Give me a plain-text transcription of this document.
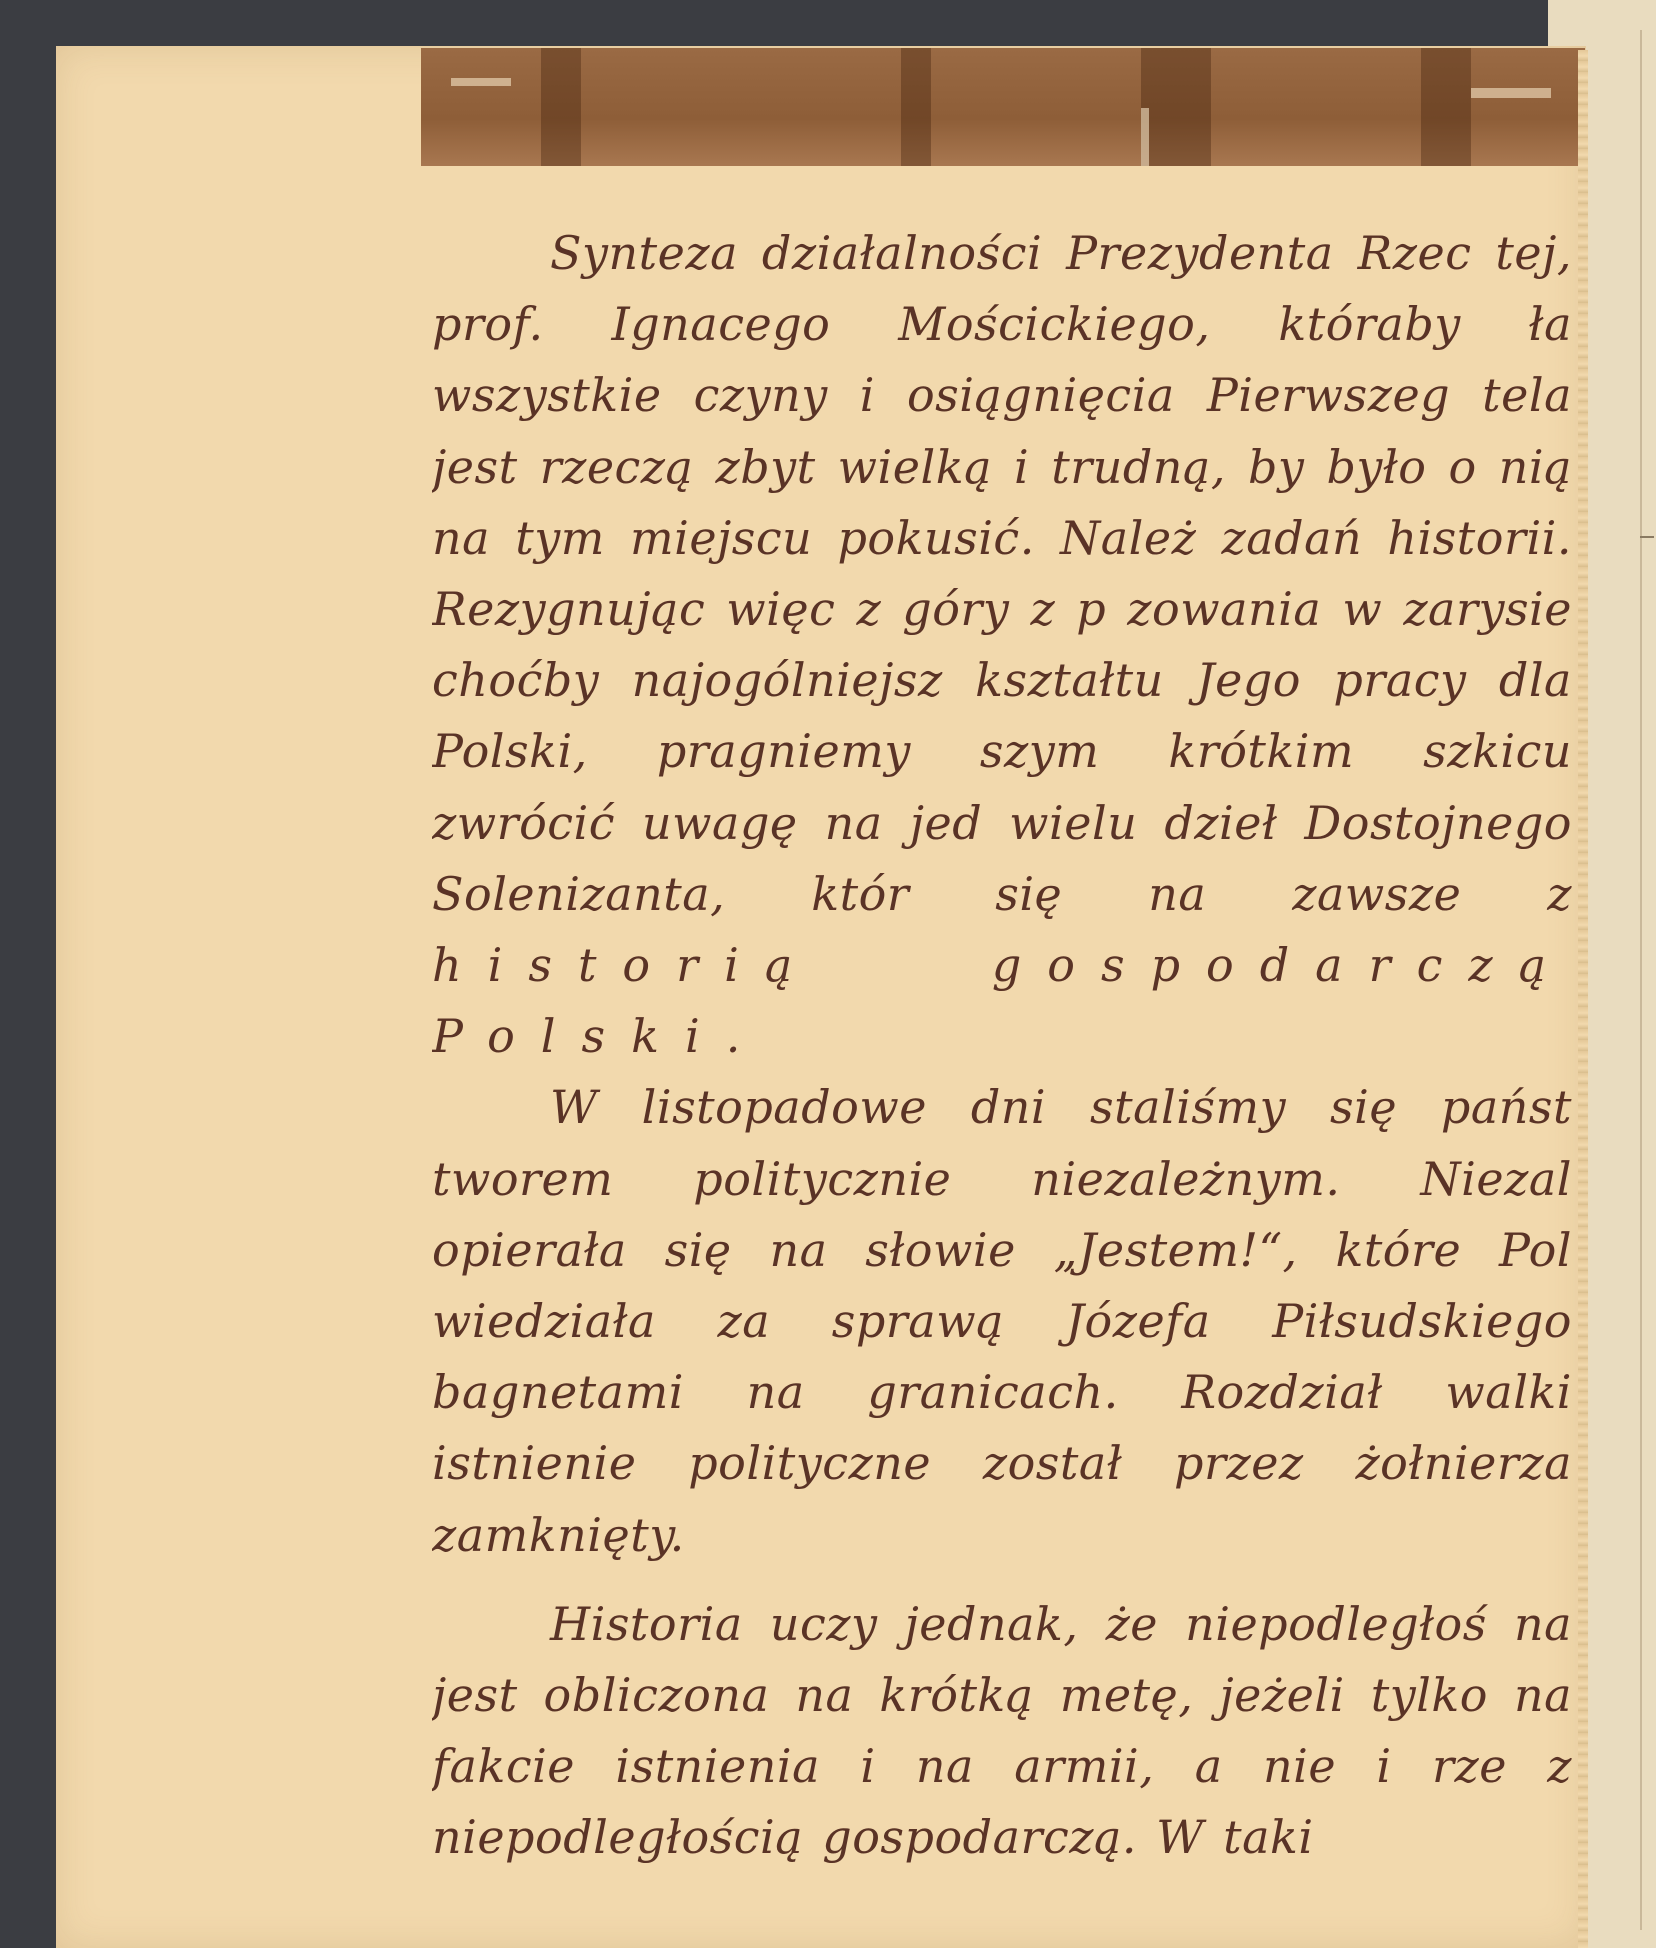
Synteza działalności Prezydenta Rzec tej, prof. Ignacego Mościckiego, któraby ła wszystkie czyny i osiągnięcia Pierwszeg tela jest rzeczą zbyt wielką i trudną, by było o nią na tym miejscu pokusić. Należ zadań historii. Rezygnując więc z góry z p zowania w zarysie choćby najogólniejsz kształtu Jego pracy dla Polski, pragniemy szym krótkim szkicu zwrócić uwagę na jed wielu dzieł Dostojnego Solenizanta, któr się na zawsze z historią gospodarczą Polski.

W listopadowe dni staliśmy się państ tworem politycznie niezależnym. Niezal opierała się na słowie „Jestem!“, które Pol wiedziała za sprawą Józefa Piłsudskiego bagnetami na granicach. Rozdział walki istnienie polityczne został przez żołnierza zamknięty.

Historia uczy jednak, że niepodległoś na jest obliczona na krótką metę, jeżeli tylko na fakcie istnienia i na armii, a nie i rze z niepodległością gospodarczą. W taki
